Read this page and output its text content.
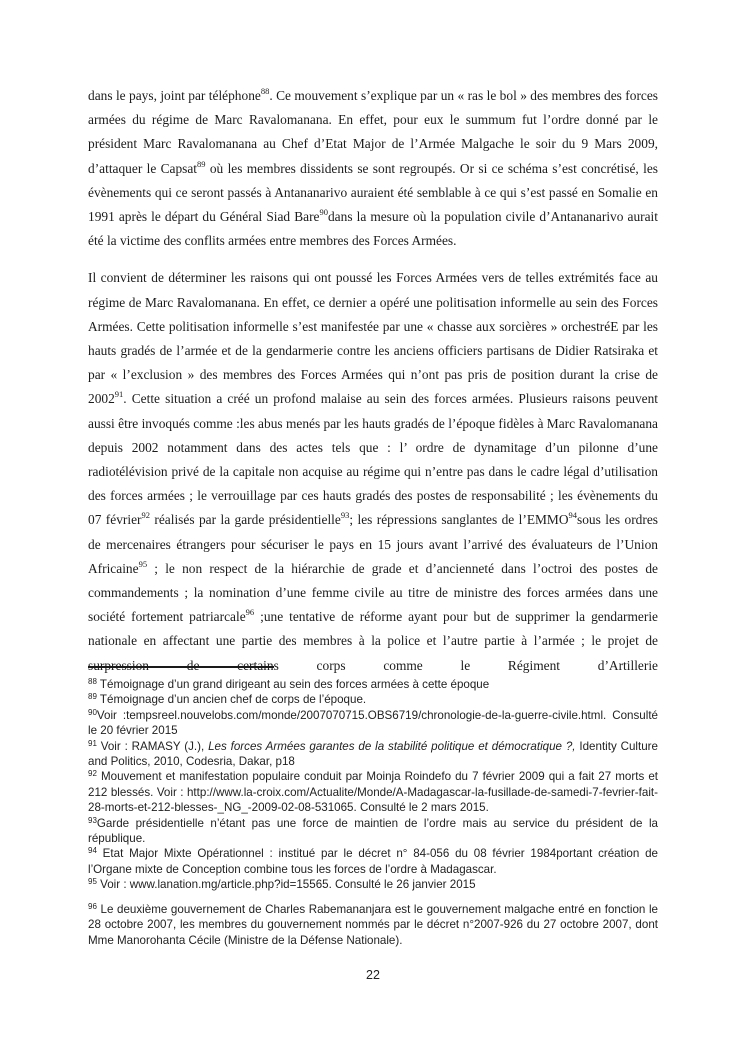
dans le pays, joint par téléphone$^{88}$. Ce mouvement s’explique par un « ras le bol » des membres des forces armées du régime de Marc Ravalomanana. En effet, pour eux le summum fut l’ordre donné par le président Marc Ravalomanana au Chef d’Etat Major de l’Armée Malgache le soir du 9 Mars 2009, d’attaquer le Capsat$^{89}$ où les membres dissidents se sont regroupés. Or si ce schéma s’est concrétisé, les évènements qui ce seront passés à Antananarivo auraient été semblable à ce qui s’est passé en Somalie en 1991 après le départ du Général Siad Bare$^{90}$dans la mesure où la population civile d’Antananarivo aurait été la victime des conflits armées entre membres des Forces Armées.

Il convient de déterminer les raisons qui ont poussé les Forces Armées vers de telles extrémités face au régime de Marc Ravalomanana. En effet, ce dernier a opéré une politisation informelle au sein des Forces Armées. Cette politisation informelle s’est manifestée par une « chasse aux sorcières » orchestréE par les hauts gradés de l’armée et de la gendarmerie contre les anciens officiers partisans de Didier Ratsiraka et par « l’exclusion » des membres des Forces Armées qui n’ont pas pris de position durant la crise de 2002$^{91}$. Cette situation a créé un profond malaise au sein des forces armées. Plusieurs raisons peuvent aussi être invoqués comme :les abus menés par les hauts gradés de l’époque fidèles à Marc Ravalomanana depuis 2002 notamment dans des actes tels que : l’ ordre de dynamitage d’un pilonne d’une radiotélévision privé de la capitale non acquise au régime qui n’entre pas dans le cadre légal d’utilisation des forces armées ; le verrouillage par ces hauts gradés des postes de responsabilité ; les évènements du 07 février$^{92}$ réalisés par la garde présidentielle$^{93}$; les répressions sanglantes de l’EMMO$^{94}$sous les ordres de mercenaires étrangers pour sécuriser le pays en 15 jours avant l’arrivé des évaluateurs de l’Union Africaine$^{95}$ ; le non respect de la hiérarchie de grade et d’ancienneté dans l’octroi des postes de commandements ; la nomination d’une femme civile au titre de ministre des forces armées dans une société fortement patriarcale$^{96}$ ;une tentative de réforme ayant pour but de supprimer la gendarmerie nationale en affectant une partie des membres à la police et l’autre partie à l’armée ; le projet de surpression de certains corps comme le Régiment d’Artillerie

$^{88}$ Témoignage d’un grand dirigeant au sein des forces armées à cette époque
$^{89}$ Témoignage d’un ancien chef de corps de l’époque.
$^{90}$Voir :tempsreel.nouvelobs.com/monde/2007070715.OBS6719/chronologie-de-la-guerre-civile.html. Consulté le 20 février 2015
$^{91}$ Voir : RAMASY (J.), Les forces Armées garantes de la stabilité politique et démocratique ?, Identity Culture and Politics, 2010, Codesria, Dakar, p18
$^{92}$ Mouvement et manifestation populaire conduit par Moinja Roindefo du 7 février 2009 qui a fait 27 morts et 212 blessés. Voir : http://www.la-croix.com/Actualite/Monde/A-Madagascar-la-fusillade-de-samedi-7-fevrier-fait-28-morts-et-212-blesses-_NG_-2009-02-08-531065. Consulté le 2 mars 2015.
$^{93}$Garde présidentielle n’étant pas une force de maintien de l’ordre mais au service du président de la république.
$^{94}$ Etat Major Mixte Opérationnel : institué par le décret n° 84-056 du 08 février 1984portant création de l’Organe mixte de Conception combine tous les forces de l’ordre à Madagascar.
$^{95}$ Voir : www.lanation.mg/article.php?id=15565. Consulté le 26 janvier 2015
$^{96}$ Le deuxième gouvernement de Charles Rabemananjara est le gouvernement malgache entré en fonction le 28 octobre 2007, les membres du gouvernement nommés par le décret n°2007-926 du 27 octobre 2007, dont Mme Manorohanta Cécile (Ministre de la Défense Nationale).
22
